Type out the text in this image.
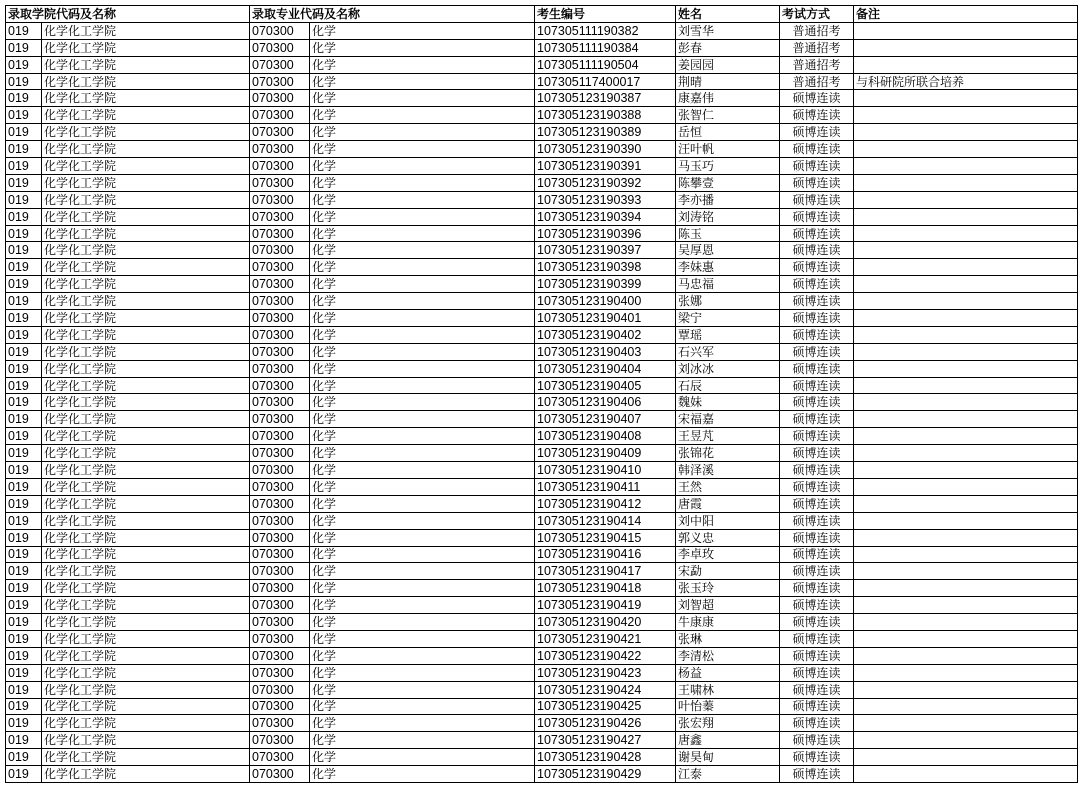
录取学院代码及名称		录取专业代码及名称		考生编号	姓名	考试方式	备注
019	化学化工学院	070300	化学	107305111190382	刘雪华	普通招考	
019	化学化工学院	070300	化学	107305111190384	彭春	普通招考	
019	化学化工学院	070300	化学	107305111190504	姜园园	普通招考	
019	化学化工学院	070300	化学	107305117400017	荆晴	普通招考	与科研院所联合培养
019	化学化工学院	070300	化学	107305123190387	康嘉伟	硕博连读	
019	化学化工学院	070300	化学	107305123190388	张智仁	硕博连读	
019	化学化工学院	070300	化学	107305123190389	岳恒	硕博连读	
019	化学化工学院	070300	化学	107305123190390	汪叶帆	硕博连读	
019	化学化工学院	070300	化学	107305123190391	马玉巧	硕博连读	
019	化学化工学院	070300	化学	107305123190392	陈攀壹	硕博连读	
019	化学化工学院	070300	化学	107305123190393	李亦播	硕博连读	
019	化学化工学院	070300	化学	107305123190394	刘涛铭	硕博连读	
019	化学化工学院	070300	化学	107305123190396	陈玉	硕博连读	
019	化学化工学院	070300	化学	107305123190397	吴厚恩	硕博连读	
019	化学化工学院	070300	化学	107305123190398	李妹惠	硕博连读	
019	化学化工学院	070300	化学	107305123190399	马忠福	硕博连读	
019	化学化工学院	070300	化学	107305123190400	张娜	硕博连读	
019	化学化工学院	070300	化学	107305123190401	梁宁	硕博连读	
019	化学化工学院	070300	化学	107305123190402	覃瑶	硕博连读	
019	化学化工学院	070300	化学	107305123190403	石兴军	硕博连读	
019	化学化工学院	070300	化学	107305123190404	刘冰冰	硕博连读	
019	化学化工学院	070300	化学	107305123190405	石辰	硕博连读	
019	化学化工学院	070300	化学	107305123190406	魏妹	硕博连读	
019	化学化工学院	070300	化学	107305123190407	宋福嘉	硕博连读	
019	化学化工学院	070300	化学	107305123190408	王昱芃	硕博连读	
019	化学化工学院	070300	化学	107305123190409	张锦花	硕博连读	
019	化学化工学院	070300	化学	107305123190410	韩泽溪	硕博连读	
019	化学化工学院	070300	化学	107305123190411	王然	硕博连读	
019	化学化工学院	070300	化学	107305123190412	唐霞	硕博连读	
019	化学化工学院	070300	化学	107305123190414	刘中阳	硕博连读	
019	化学化工学院	070300	化学	107305123190415	郭义忠	硕博连读	
019	化学化工学院	070300	化学	107305123190416	李卓玫	硕博连读	
019	化学化工学院	070300	化学	107305123190417	宋勐	硕博连读	
019	化学化工学院	070300	化学	107305123190418	张玉玲	硕博连读	
019	化学化工学院	070300	化学	107305123190419	刘智超	硕博连读	
019	化学化工学院	070300	化学	107305123190420	牛康康	硕博连读	
019	化学化工学院	070300	化学	107305123190421	张琳	硕博连读	
019	化学化工学院	070300	化学	107305123190422	李清松	硕博连读	
019	化学化工学院	070300	化学	107305123190423	杨益	硕博连读	
019	化学化工学院	070300	化学	107305123190424	王啸林	硕博连读	
019	化学化工学院	070300	化学	107305123190425	叶怡蓁	硕博连读	
019	化学化工学院	070300	化学	107305123190426	张宏翔	硕博连读	
019	化学化工学院	070300	化学	107305123190427	唐鑫	硕博连读	
019	化学化工学院	070300	化学	107305123190428	谢昊甸	硕博连读	
019	化学化工学院	070300	化学	107305123190429	江泰	硕博连读	
